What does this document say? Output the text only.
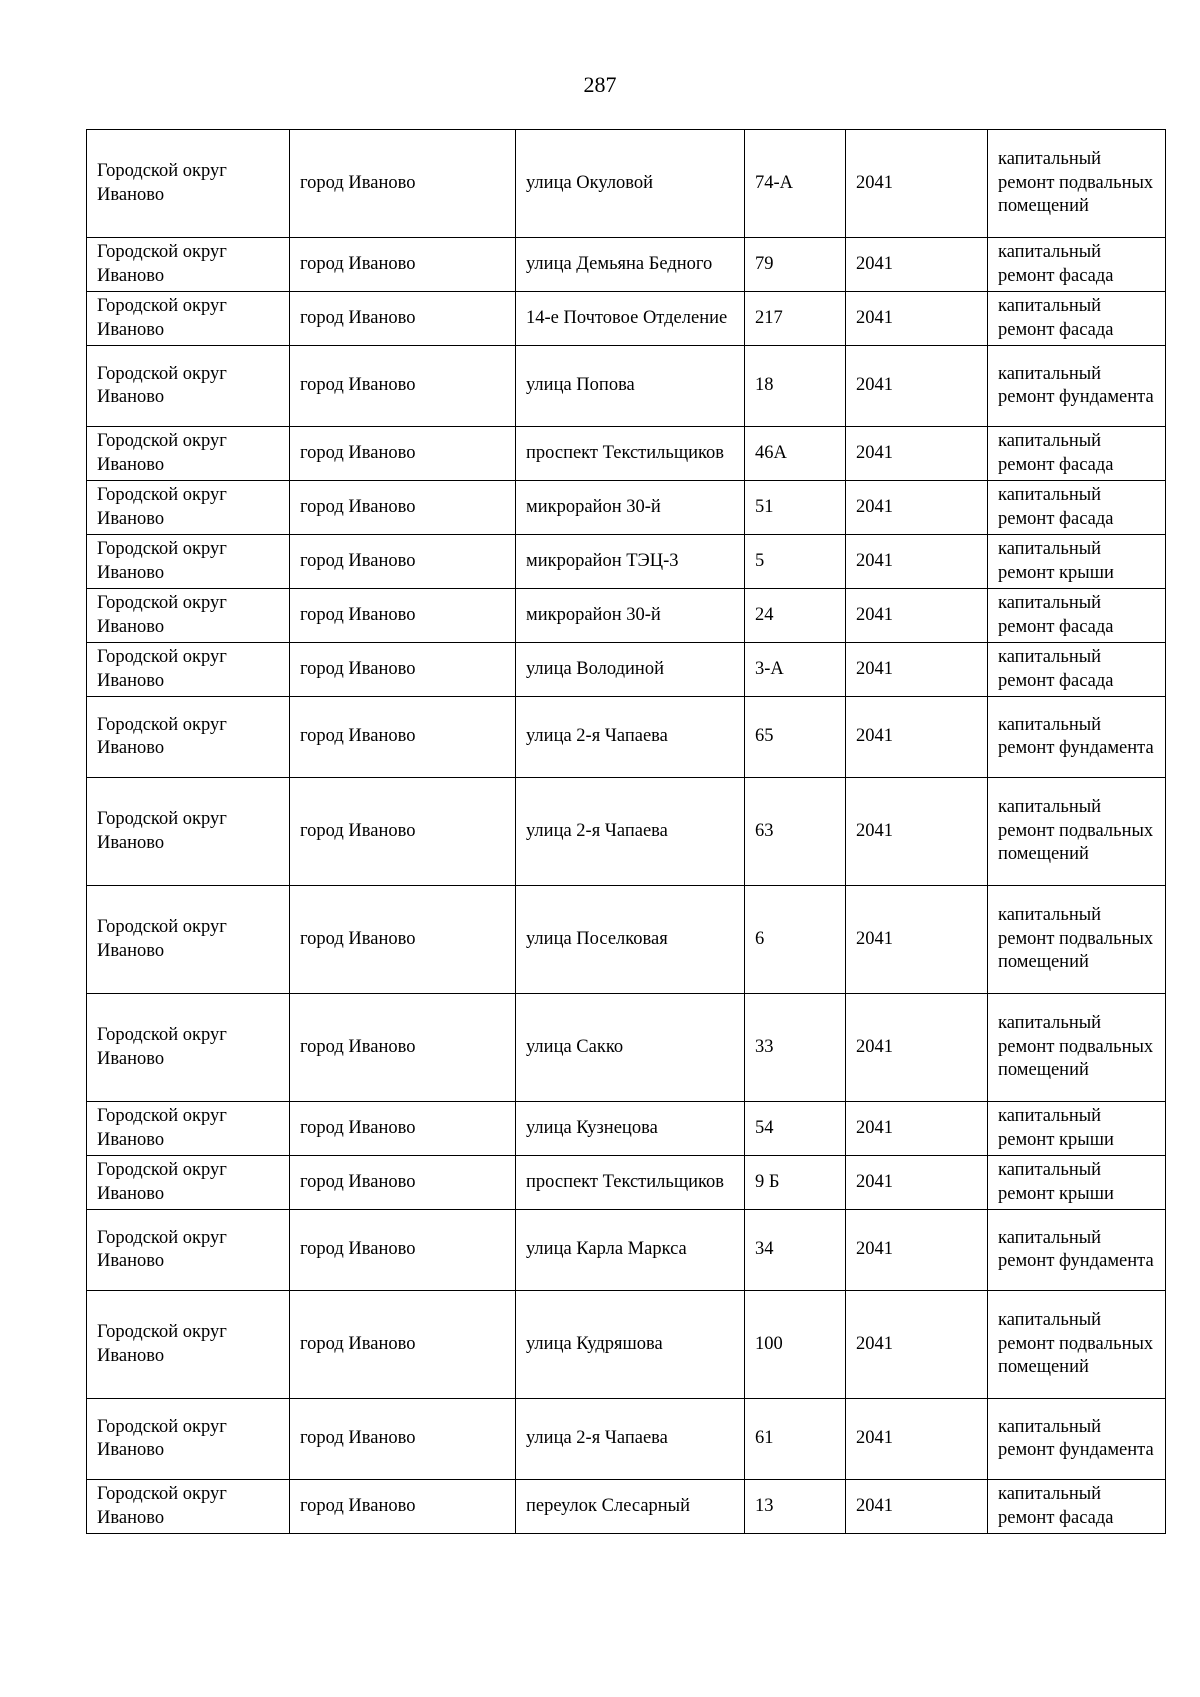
287
Городской округ Иваново	город Иваново	улица Окуловой	74-А	2041	капитальный ремонт подвальных помещений

Городской округ Иваново	город Иваново	улица Демьяна Бедного	79	2041	капитальный ремонт фасада

Городской округ Иваново	город Иваново	14-е Почтовое Отделение	217	2041	капитальный ремонт фасада

Городской округ Иваново	город Иваново	улица Попова	18	2041	капитальный ремонт фундамента

Городской округ Иваново	город Иваново	проспект Текстильщиков	46А	2041	капитальный ремонт фасада

Городской округ Иваново	город Иваново	микрорайон 30-й	51	2041	капитальный ремонт фасада

Городской округ Иваново	город Иваново	микрорайон ТЭЦ-3	5	2041	капитальный ремонт крыши

Городской округ Иваново	город Иваново	микрорайон 30-й	24	2041	капитальный ремонт фасада

Городской округ Иваново	город Иваново	улица Володиной	3-А	2041	капитальный ремонт фасада

Городской округ Иваново	город Иваново	улица 2-я Чапаева	65	2041	капитальный ремонт фундамента

Городской округ Иваново	город Иваново	улица 2-я Чапаева	63	2041	капитальный ремонт подвальных помещений

Городской округ Иваново	город Иваново	улица Поселковая	6	2041	капитальный ремонт подвальных помещений

Городской округ Иваново	город Иваново	улица Сакко	33	2041	капитальный ремонт подвальных помещений

Городской округ Иваново	город Иваново	улица Кузнецова	54	2041	капитальный ремонт крыши

Городской округ Иваново	город Иваново	проспект Текстильщиков	9 Б	2041	капитальный ремонт крыши

Городской округ Иваново	город Иваново	улица Карла Маркса	34	2041	капитальный ремонт фундамента

Городской округ Иваново	город Иваново	улица Кудряшова	100	2041	капитальный ремонт подвальных помещений

Городской округ Иваново	город Иваново	улица 2-я Чапаева	61	2041	капитальный ремонт фундамента

Городской округ Иваново	город Иваново	переулок Слесарный	13	2041	капитальный ремонт фасада
